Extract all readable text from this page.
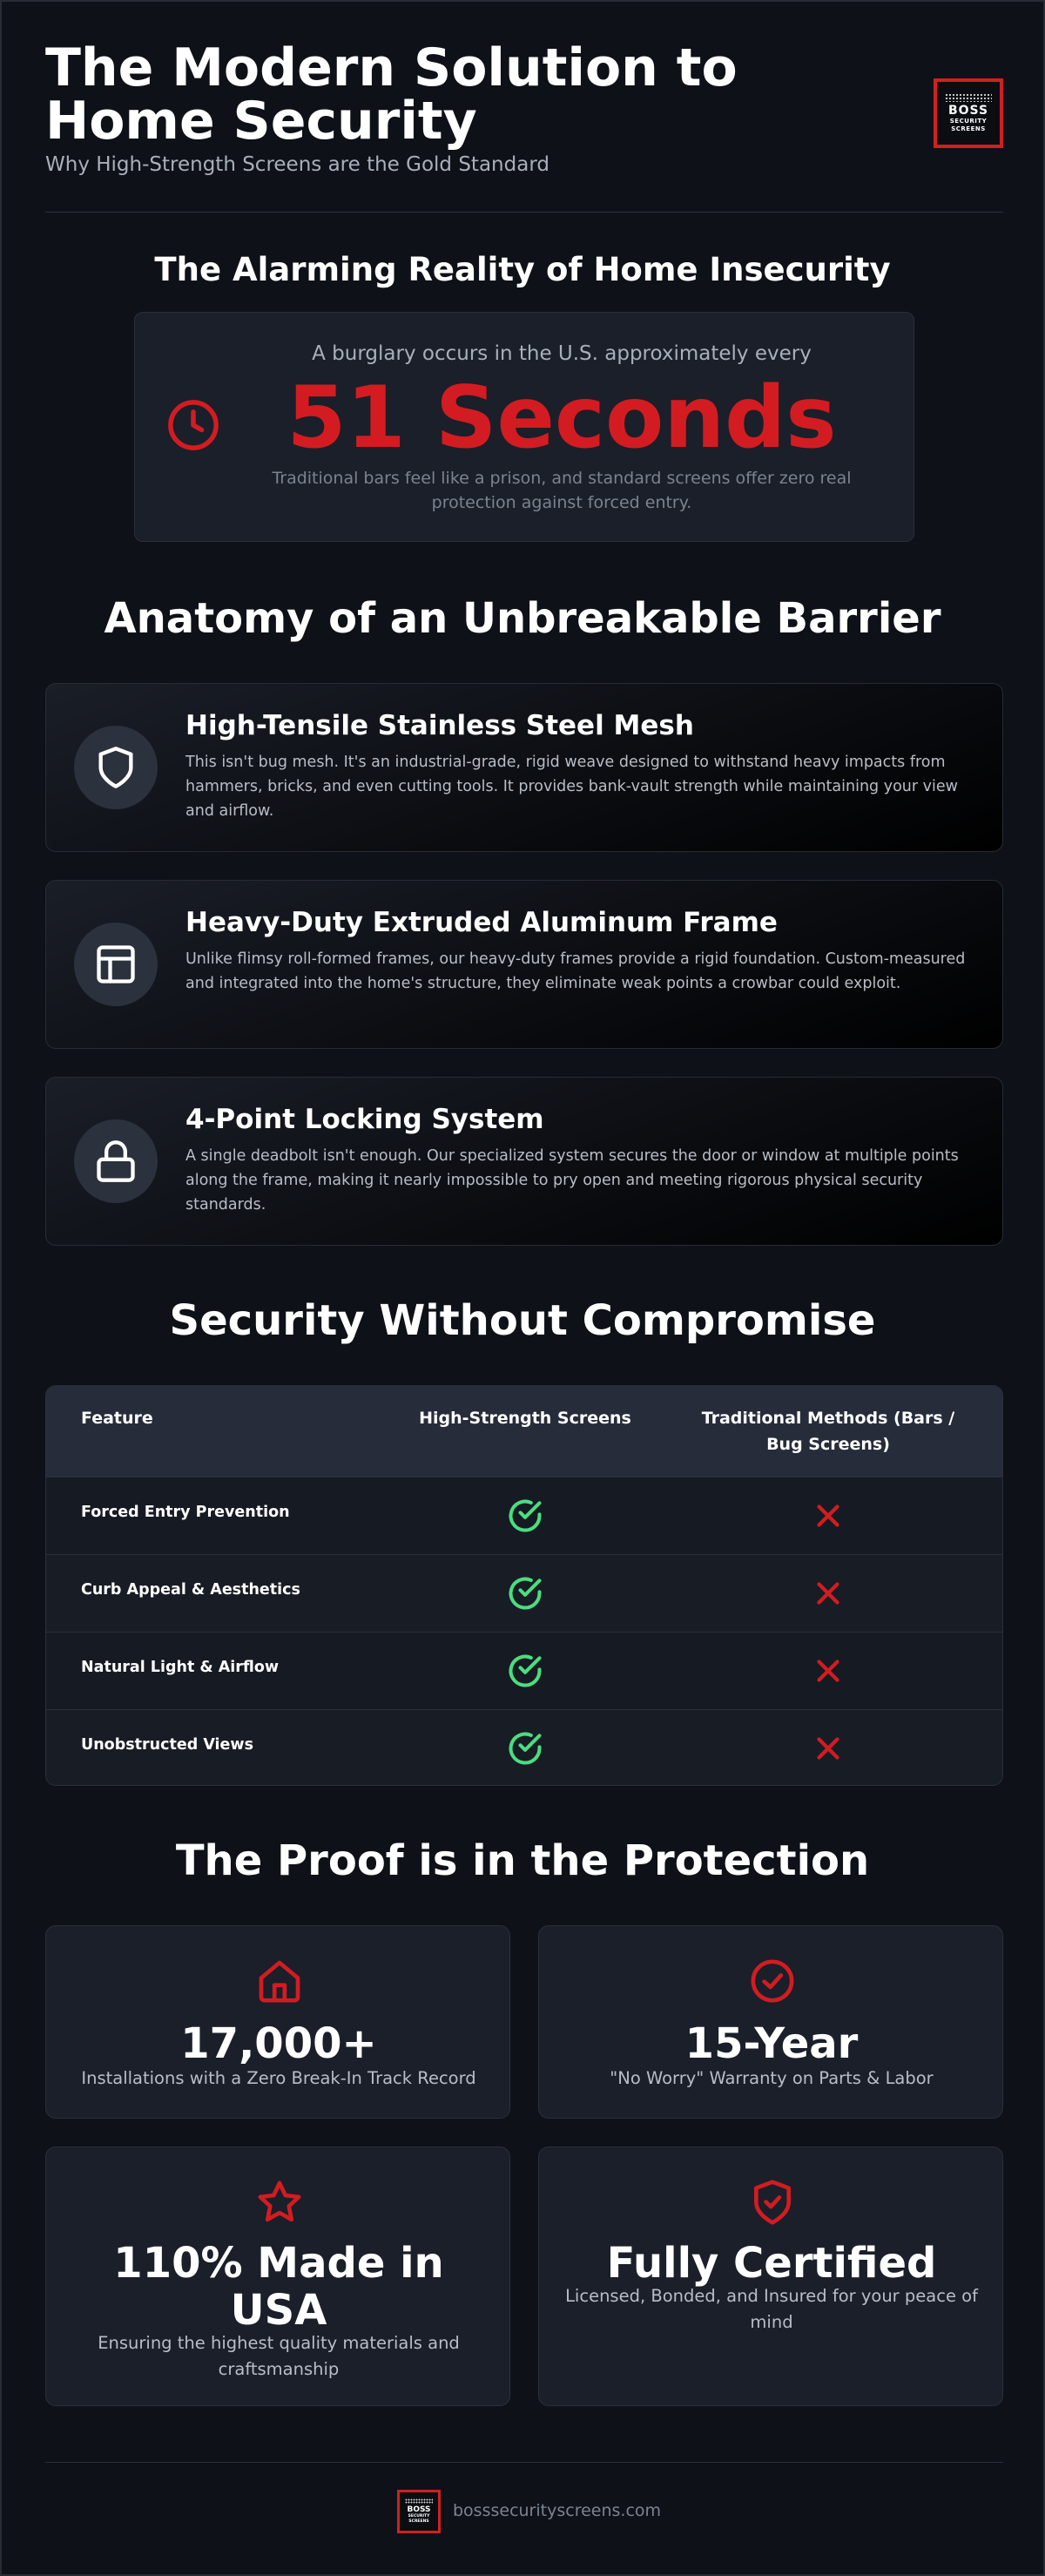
The Modern Solution to Home Security
Why High-Strength Screens are the Gold Standard
BOSS
SECURITY SCREENS
The Alarming Reality of Home Insecurity
A burglary occurs in the U.S. approximately every
51 Seconds
Traditional bars feel like a prison, and standard screens offer zero real protection against forced entry.
Anatomy of an Unbreakable Barrier
High-Tensile Stainless Steel Mesh
This isn't bug mesh. It's an industrial-grade, rigid weave designed to withstand heavy impacts from hammers, bricks, and even cutting tools. It provides bank-vault strength while maintaining your view and airflow.
Heavy-Duty Extruded Aluminum Frame
Unlike flimsy roll-formed frames, our heavy-duty frames provide a rigid foundation. Custom-measured and integrated into the home's structure, they eliminate weak points a crowbar could exploit.
4-Point Locking System
A single deadbolt isn't enough. Our specialized system secures the door or window at multiple points along the frame, making it nearly impossible to pry open and meeting rigorous physical security standards.
Security Without Compromise
Feature	High-Strength Screens	Traditional Methods (Bars / Bug Screens)
Forced Entry Prevention
Curb Appeal & Aesthetics
Natural Light & Airflow
Unobstructed Views
The Proof is in the Protection
17,000+
Installations with a Zero Break-In Track Record
15-Year
"No Worry" Warranty on Parts & Labor
110% Made in USA
Ensuring the highest quality materials and craftsmanship
Fully Certified
Licensed, Bonded, and Insured for your peace of mind
BOSS
SECURITY SCREENS
bosssecurityscreens.com
